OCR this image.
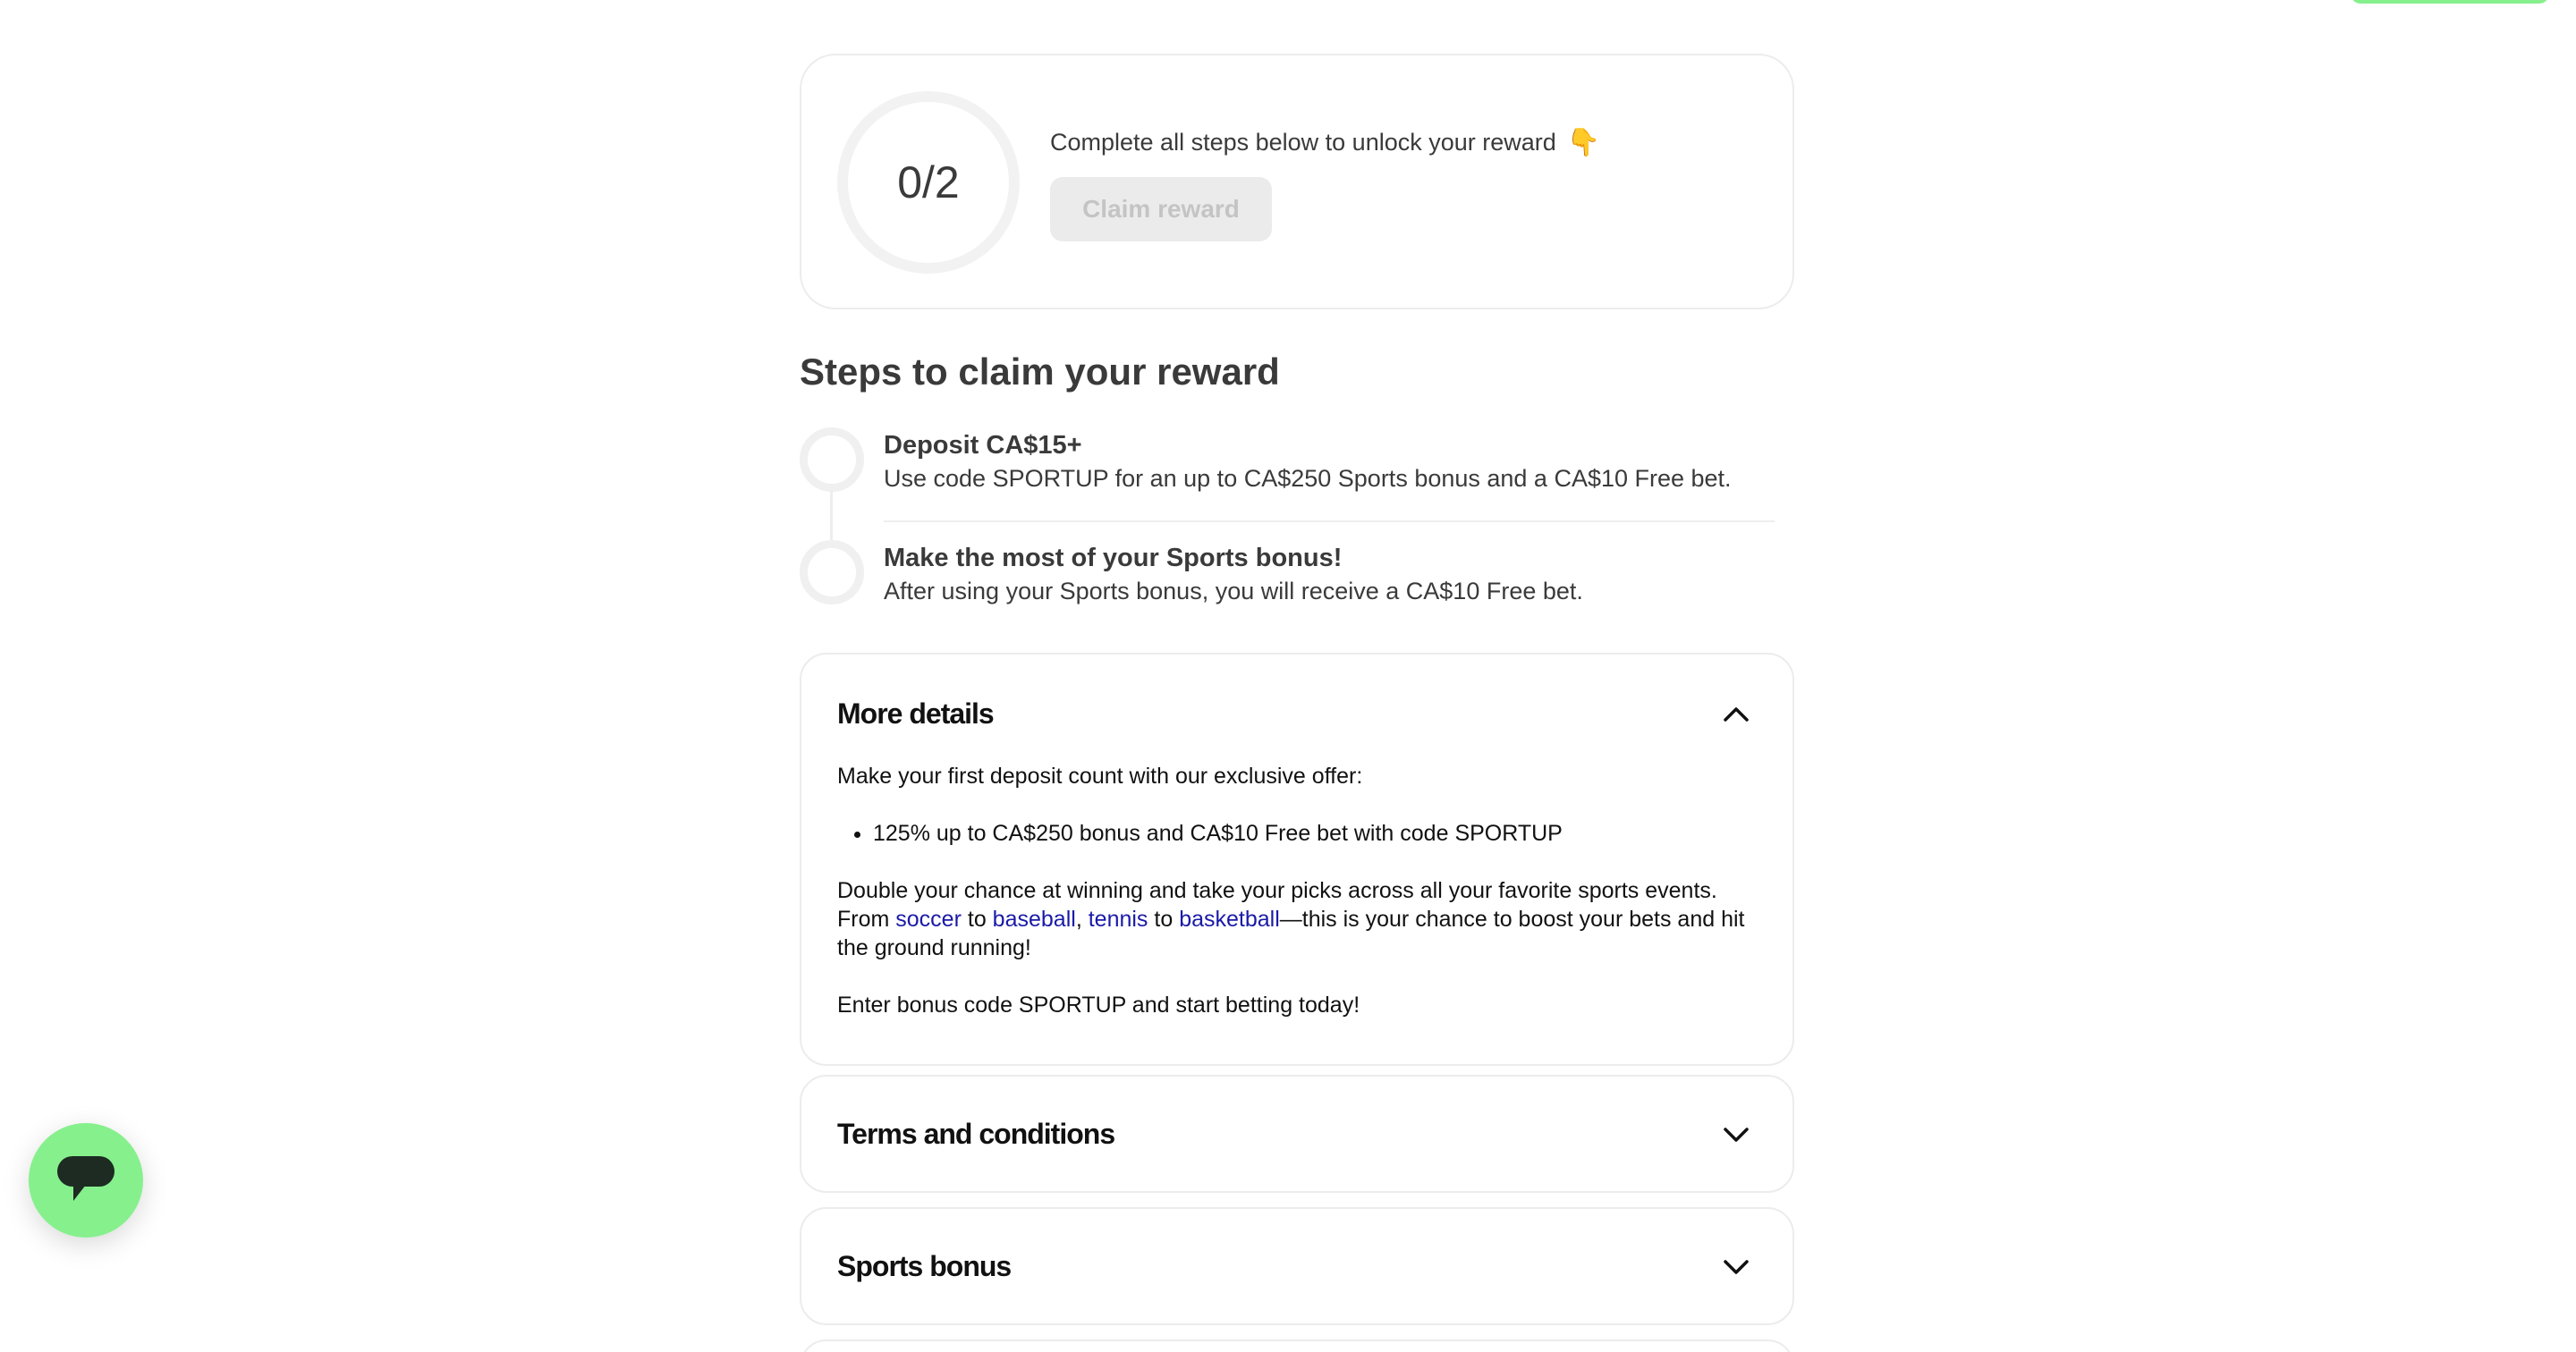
0/2
Complete all steps below to unlock your reward 👇
Claim reward
Steps to claim your reward
Deposit CA$15+
Use code SPORTUP for an up to CA$250 Sports bonus and a CA$10 Free bet.
Make the most of your Sports bonus!
After using your Sports bonus, you will receive a CA$10 Free bet.
More details

Make your first deposit count with our exclusive offer:

• 125% up to CA$250 bonus and CA$10 Free bet with code SPORTUP

Double your chance at winning and take your picks across all your favorite sports events. From soccer to baseball, tennis to basketball—this is your chance to boost your bets and hit the ground running!

Enter bonus code SPORTUP and start betting today!

Terms and conditions
Sports bonus
